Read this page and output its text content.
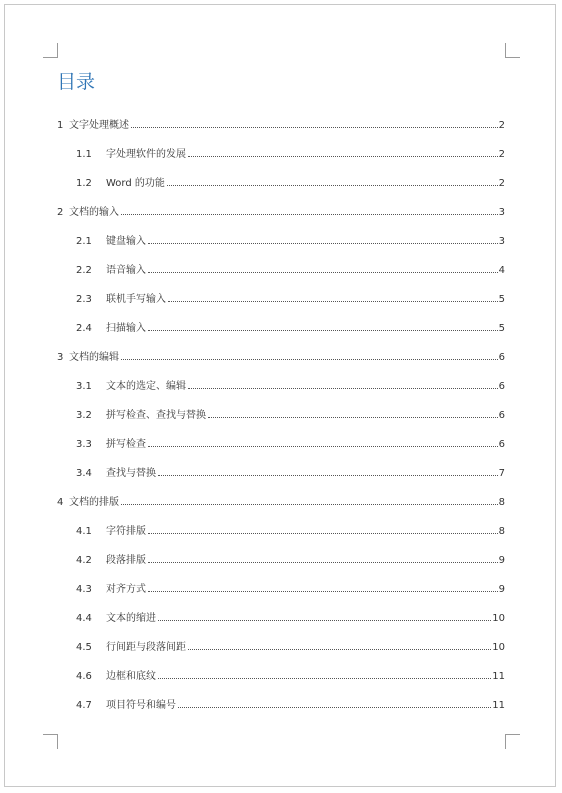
目录
1 文字处理概述	2
1.1	字处理软件的发展	2
1.2	Word 的功能	2
2 文档的输入	3
2.1	键盘输入	3
2.2	语音输入	4
2.3	联机手写输入	5
2.4	扫描输入	5
3 文档的编辑	6
3.1	文本的选定、编辑	6
3.2	拼写检查、查找与替换	6
3.3	拼写检查	6
3.4	查找与替换	7
4 文档的排版	8
4.1	字符排版	8
4.2	段落排版	9
4.3	对齐方式	9
4.4	文本的缩进	10
4.5	行间距与段落间距	10
4.6	边框和底纹	11
4.7	项目符号和编号	11
